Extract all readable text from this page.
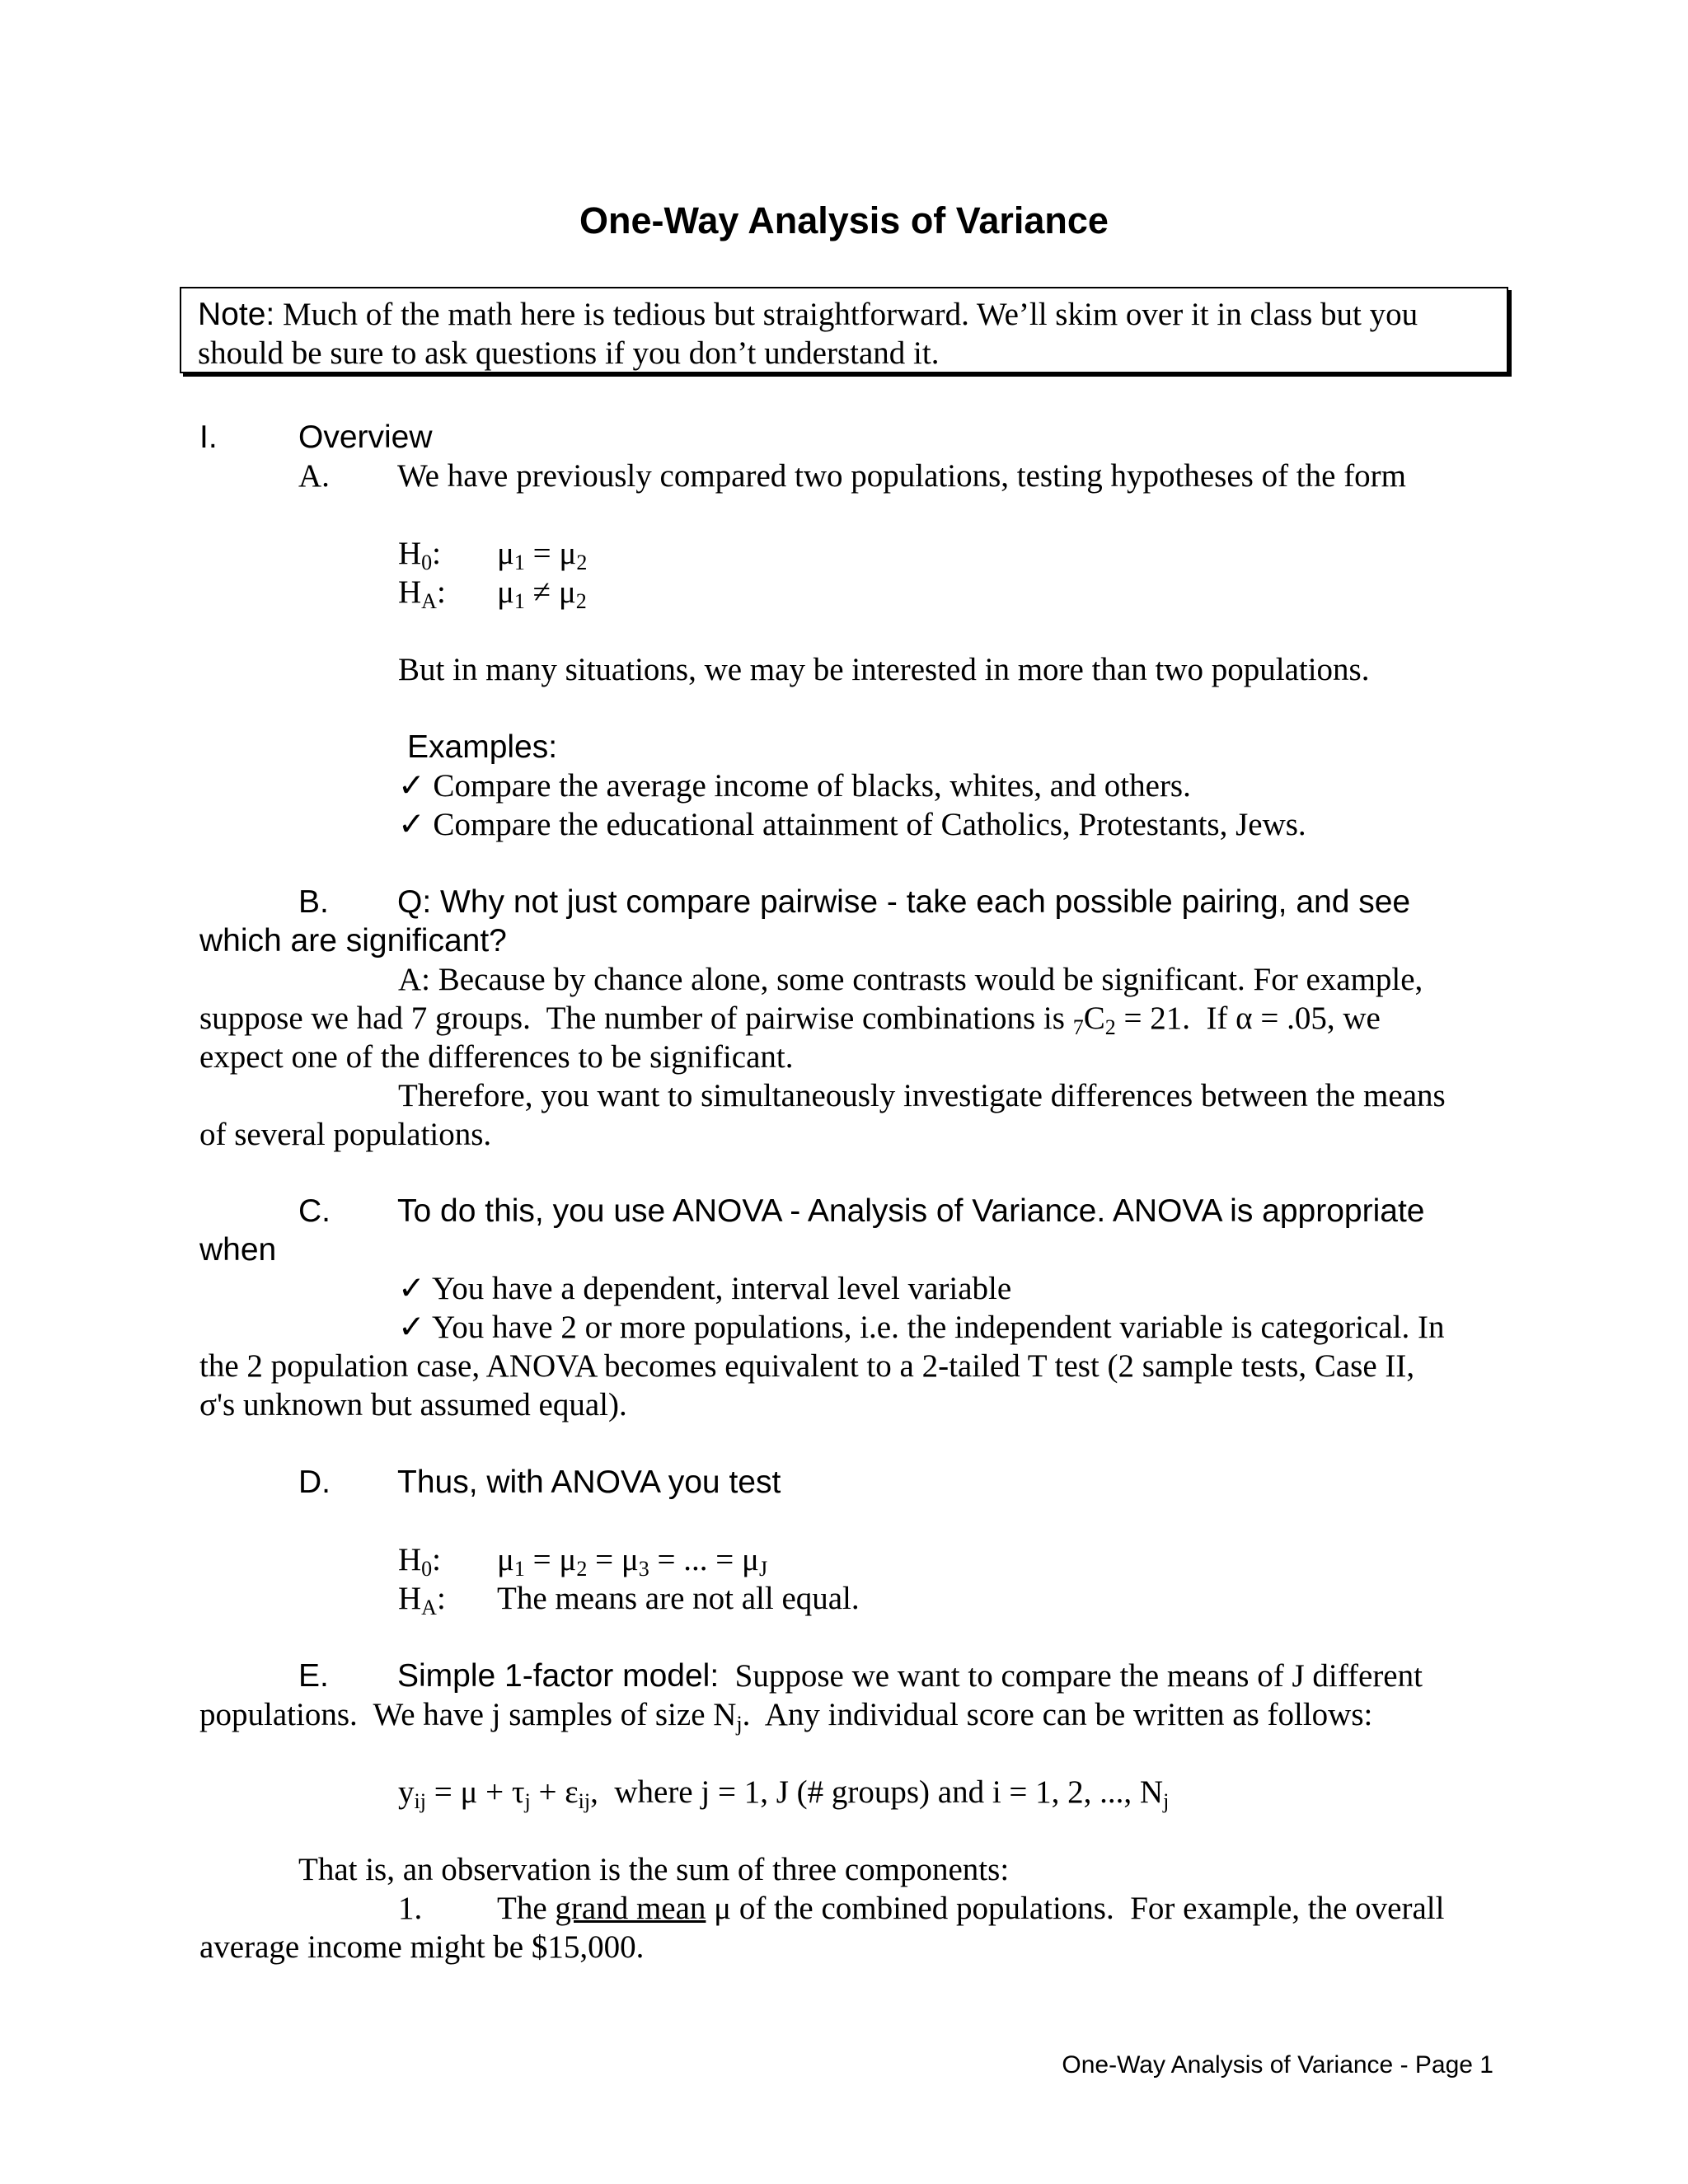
One-Way Analysis of Variance
Note: Much of the math here is tedious but straightforward. We’ll skim over it in class but you should be sure to ask questions if you don’t understand it.
I.	Overview
A. We have previously compared two populations, testing hypotheses of the form
$H_0$: $\mu_1 = \mu_2$
$H_A$: $\mu_1 \ne \mu_2$
But in many situations, we may be interested in more than two populations.
Examples:
✓ Compare the average income of blacks, whites, and others.
✓ Compare the educational attainment of Catholics, Protestants, Jews.
B. Q: Why not just compare pairwise - take each possible pairing, and see
which are significant?
A: Because by chance alone, some contrasts would be significant. For example,
suppose we had 7 groups.  The number of pairwise combinations is $_7C_2 = 21$.  If α = .05, we
expect one of the differences to be significant.
Therefore, you want to simultaneously investigate differences between the means
of several populations.
C. To do this, you use ANOVA - Analysis of Variance. ANOVA is appropriate
when
✓ You have a dependent, interval level variable
✓ You have 2 or more populations, i.e. the independent variable is categorical. In
the 2 population case, ANOVA becomes equivalent to a 2-tailed T test (2 sample tests, Case II,
σ's unknown but assumed equal).
D. Thus, with ANOVA you test
$H_0$: $\mu_1 = \mu_2 = \mu_3$ = ... = $\mu_J$
$H_A$: The means are not all equal.
E. Simple 1-factor model:  Suppose we want to compare the means of J different
populations.  We have j samples of size $N_j$.  Any individual score can be written as follows:
$y_{ij} = \mu + \tau_j + \varepsilon_{ij}$,  where j = 1, J (# groups) and i = 1, 2, ..., $N_j$
That is, an observation is the sum of three components:
1. The grand mean μ of the combined populations.  For example, the overall
average income might be $15,000.
One-Way Analysis of Variance - Page 1
